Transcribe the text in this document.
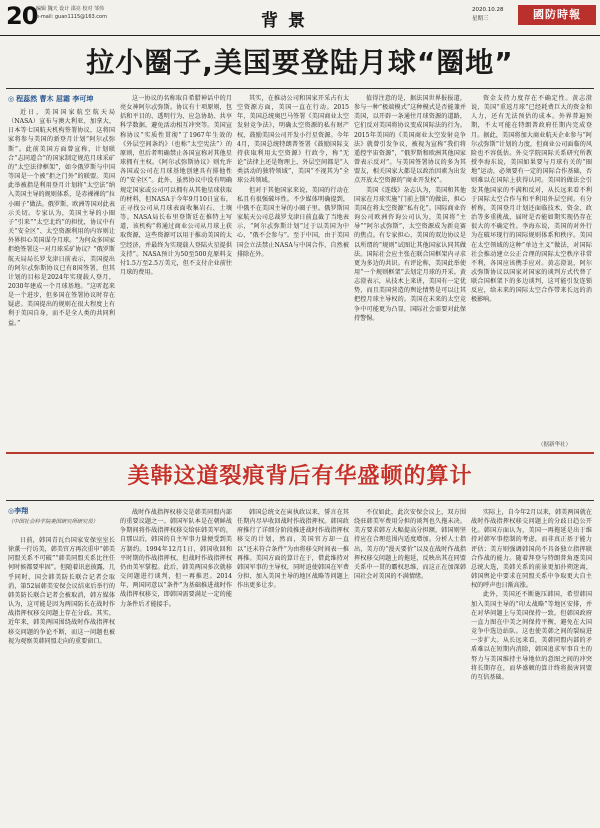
20
编辑 魏天 设计 邵亮 校对 邹伟
e-mail: guan1115@163.com	背景
2020.10.28
星期三	國防時報
拉小圈子,美国要登陆月球“圈地”
◎ 程蕊然 曹木 屈霜 李可坤

近日，美国国家航空航天局（NASA）宣布与澳大利亚、加拿大、日本等七国航天机构签署协议，这将国家将参与美国的新登月计划“阿尔忒弥斯”。此前美国方面曾宣称，计划联合“志同道合”的国家制定规范月球采矿的“太空法律框架”，如今俄罗斯与中国等国是一个被“拒之门外”的联盟。美国此举被指是利用登月计划将“太空法”纳入美国主导的规则体系，是赤裸裸的“拉小圈子”做法。俄罗斯、欧洲等国对此表示关切。专家认为，美国主导的小圈子“引来”“太空北约”的担忧，协议中有关“安全区”、太空资源利用的内容则让外界担心美国谋夺月球。“为何众多国家拒绝签署这一对月球采矿协议？”俄罗斯航天局局长罗戈津日前表示，美国提出的阿尔忒弥斯协议已有8国签署，但其计划的目标是2024年实现载人登月，2030年建成一个月球基地。“这听起来是一个进步，但多国在签署协议时存在疑虑。美国提出的规则在很大程度上有利于美国自身，而不是全人类的共同利益。”

这一协议的名称取自希腊神话中的月亮女神阿尔忒弥斯。协议有十项原则，包括和平目的、透明行为、应急协助、共享科学数据、避免活动相互冲突等。美国宣称协议“实质性贯彻”了1967年生效的《外层空间条约》（也称“太空宪法”）的原则，但后者明确禁止各国宣称对其他星球拥有主权。《阿尔忒弥斯协议》则允许各国或公司在月球基地创建具有排他性的“安全区”。此外，虽然协议中没有明确规定国家或公司可以拥有从其他星球获取的材料，但NASA于今年9月10日宣布，正寻找公司从月球表面收集岩石、土壤等。NASA局长布里登斯廷在推特上写道，该机构“将通过商业公司从月球上获取资源，这些资源可以用于推动美国的太空经济，并最终为实现载人登陆火星提供支持”。NASA预计为50至500克原料支付1.5万至2.5万美元，但不支付企业前往月球的费用。

其实，在推动公司和国家开采占有太空资源方面，美国一直在行动。2015年，美国总统奥巴马签署《美国商业太空发射竞争法》，明确太空资源的私有财产权，鼓励美国公司开发小行星资源。今年4月，美国总统特朗普签署《鼓励国际支持获取利用太空资源》行政令，称“无论”法律上还是物理上，外层空间都是“人类活动的独特领域”，美国“不视其为”全球公共领域。

但对于其他国家来说，美国的行动在私且有很强破坏性。不少媒体明确提到，中俄不在美国主导的小圈子里。俄罗斯国家航天公司总裁罗戈津日前直截了当地表示，“阿尔忒弥斯计划”过于以美国为中心，“俄不会参与”。至于中国，由于美国国会立法禁止NASA与中国合作，自然被排除在外。

值得注意的是，据法国世界报报道，参与一种“极端模式”这种模式是否能兼并美国，以开辟一条通往月球资源的道路，它们反对美国将协议变成国际法的行为。2015年美国的《美国商业太空发射竞争法》就曾引发争议，被视为宣称“我们将遥控宇宙资源”，“俄罗斯和欧洲其他国家曾表示反对”。与美国签署协议的多为其盟友，相关国家大都是以政治因素为出发点开放太空资源的“商业开发权”。

美国《连线》杂志认为，美国和其他国家在月球实施“门前上锁”的做法，担心美国在将太空资源“私有化”。国际商业咨询公司欧洲咨询公司认为，美国将“主导”“阿尔忒弥斯”，太空资源成为新竞赛的焦点。有专家担心，美国的双边协议是以所谓的“规则”试图让其他国家认同其做法。国际社会应主张在联合国框架内寻求更为多边的共识。有评论称，美国此举使用“一个规则框架”去划定月球的开采。黄志澄表示，从技术上来讲，美国有一定优势，而且美国营造的舆论情势是可以让其把控月球主导权的。美国在未来的太空竞争中可能更为凸显，国际社会需要对此保持警惕。

资金支持力度存在不确定性。黄志澄说，美国“重返月球”已经耗费巨大的资金和人力，还有无法预估的成本。外界普遍预期，不太可能在特朗普政府任期内完成登月。据此，美国将加大商业航天企业参与“阿尔忒弥斯”计划的力度，但商业公司面临的风险也不容低估。外交学院国际关系研究所教授李海东说，美国如果要与月球有关的“圈地”运动，必须要有一定的国际合作基础，否则难以在国际上获得认同。美国的做法会引发其他国家的不满和反对，从长远来看不利于国际太空合作与和平利用外层空间。有分析称，美国登月计划还面临技术、资金、政治等多重挑战，届时是否能如期实现仍存在很大的不确定性。李海东说，美国的对外行为在破坏现行的国际规则体系和秩序。美国在太空领域的这种“单边主义”做法，对国际社会推动建立公正合理的国际太空秩序非常不利，各国应该携手应对。黄志澄说，阿尔忒弥斯协议以国家对国家的谈判方式代替了联合国框架下的多边谈判，这可能引发连锁反应，给未来的国际太空合作带来长远的消极影响。

（据新华社）
美韩这道裂痕背后有华盛顿的算计
◎李翔
（中国社会科学院美国研究所研究员）

日前，韩国青瓦台国家安保室室长徐薰一行访美，韩美官方再次重申“韩美同盟关系不可破”“韩美同盟关系比往任何时候都要牢固”。但随着讯息披露，几乎同时，国会韩美防长联合记者会取消，第52届韩美安保会议结束后举行的韩美防长联合记者会被取消，韩方媒体认为，这可能是因为两国防长在战时作战指挥权移交问题上存在分歧。其实，近年来，韩美两国围绕战时作战指挥权移交问题的争论不断，而这一问题也被视为观察美韩同盟走向的重要窗口。

战时作战指挥权移交是韩美同盟内部的重要议题之一。韩国军队本是在朝鲜战争期间将作战指挥权移交给驻韩美军的，自那以后，韩国的自主军事力量便受到美方制约。1994年12月1日，韩国收回和平时期的作战指挥权，但战时作战指挥权仍由美军掌握。此后，韩美两国多次就移交问题进行谈判，但一再推迟。2014年，两国同意以“条件”为基础推进战时作战指挥权移交，即韩国需要满足一定的能力条件后才能接手。

韩国总统文在寅执政以来，誓言在其任期内尽早收回战时作战指挥权。韩国政府推行了详细分阶段推进战时作战指挥权移交的计划，然而，美国官方却一直以“还未符合条件”为由将移交时间表一推再推。美国方面的算计在于，借此维持对韩国军事的主导权，同时迫使韩国在军费分担、加入美国主导的地区战略等问题上作出更多让步。

不仅如此，此次安保会议上，双方围绕驻韩美军费用分担的谈判也久拖未决。美方要求韩方大幅提高分担额，韩国则坚持应在合理范围内适度增加。分析人士指出，美方的“漫天要价”以及在战时作战指挥权移交问题上的拖延，反映出其在同盟关系中一贯的霸权思维，而这正在加深韩国社会对美国的不满情绪。

实际上，自今年2月以来，韩美两国就在战时作战指挥权移交问题上的分歧日趋公开化。韩国方面认为，美国一再拖延是出于维持对韩军事控制的考虑，而非真正基于能力评估；美方则强调韩国尚不具备独立指挥联合作战的能力。随着拜登与特朗普角逐美国总统大选，美韩关系的前景更加扑朔迷离，韩国舆论中要求在同盟关系中争取更大自主权的呼声也日渐高涨。

此外，美国还不断施压韩国，希望韩国加入美国主导的“印太战略”等地区安排，并在对华问题上与美国保持一致。但韩国政府一直力图在中美之间保持平衡，避免在大国竞争中选边站队。这也使美韩之间的裂痕进一步扩大。从长远来看，美韩同盟内部的矛盾难以在短期内消除，韩国追求军事自主的努力与美国维持主导地位的意图之间的冲突将长期存在，而华盛顿的算计终将损害同盟的互信基础。
